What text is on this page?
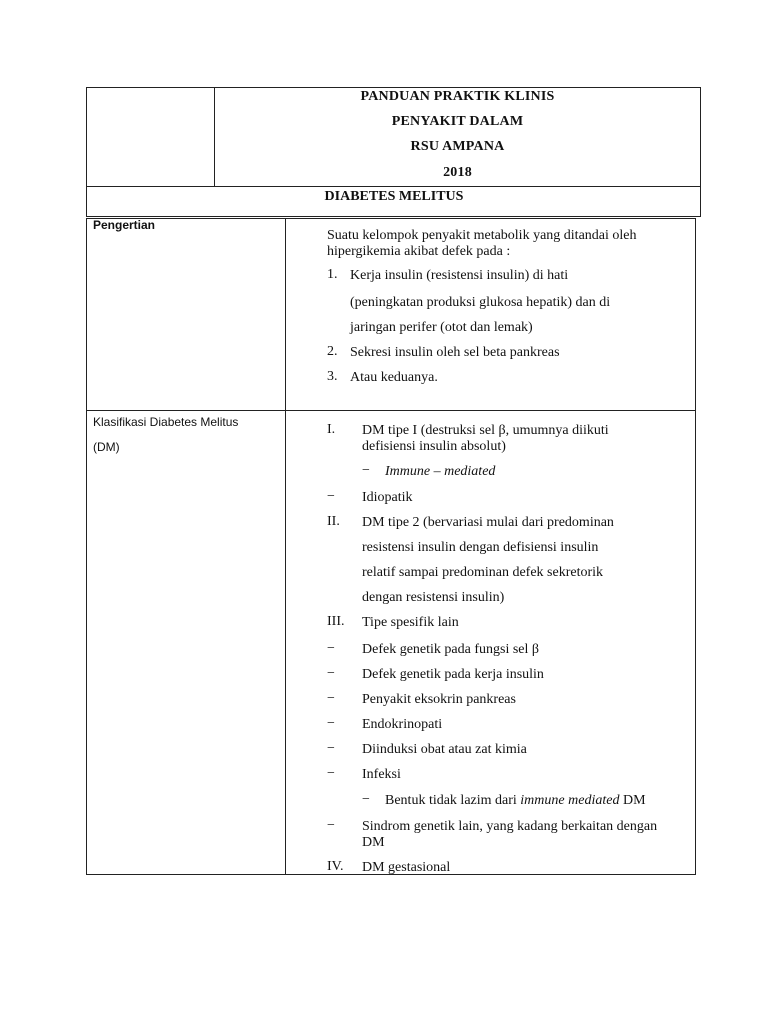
PANDUAN PRAKTIK KLINIS
PENYAKIT DALAM
RSU AMPANA
2018
DIABETES MELITUS
Pengertian
Suatu kelompok penyakit metabolik yang ditandai oleh
hipergikemia akibat defek pada :
1. Kerja insulin (resistensi insulin) di hati
(peningkatan produksi glukosa hepatik) dan di
jaringan perifer (otot dan lemak)
2. Sekresi insulin oleh sel beta pankreas
3. Atau keduanya.
Klasifikasi Diabetes Melitus
(DM)
I. DM tipe I (destruksi sel β, umumnya diikuti
defisiensi insulin absolut)
− Immune – mediated
− Idiopatik
II. DM tipe 2 (bervariasi mulai dari predominan
resistensi insulin dengan defisiensi insulin
relatif sampai predominan defek sekretorik
dengan resistensi insulin)
III. Tipe spesifik lain
− Defek genetik pada fungsi sel β
− Defek genetik pada kerja insulin
− Penyakit eksokrin pankreas
− Endokrinopati
− Diinduksi obat atau zat kimia
− Infeksi
− Bentuk tidak lazim dari immune mediated DM
− Sindrom genetik lain, yang kadang berkaitan dengan
DM
IV. DM gestasional
